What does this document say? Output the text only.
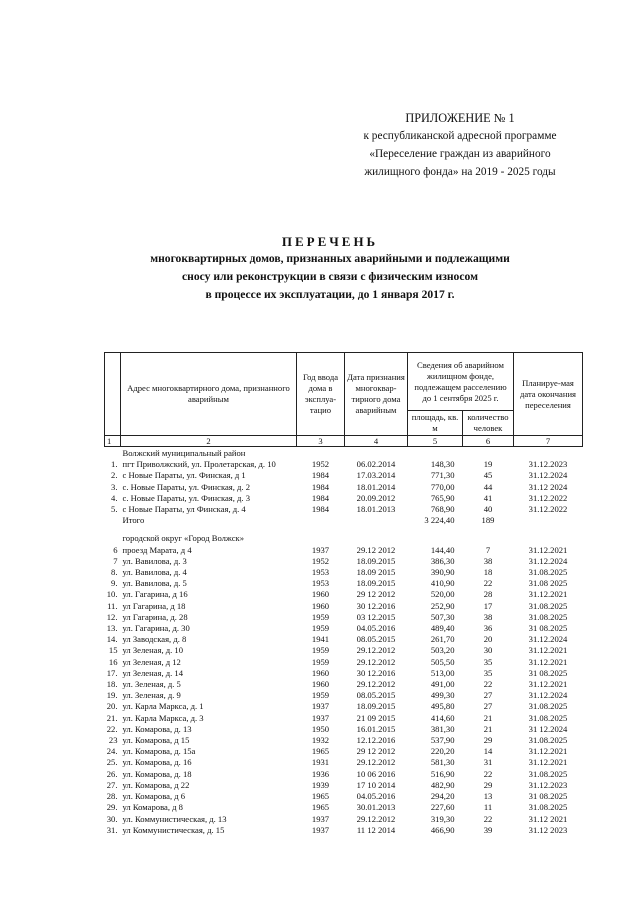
ПРИЛОЖЕНИЕ № 1
к республиканской адресной программе
«Переселение граждан из аварийного
жилищного фонда» на 2019 - 2025 годы
ПЕРЕЧЕНЬ
многоквартирных домов, признанных аварийными и подлежащими
сносу или реконструкции в связи с физическим износом
в процессе их эксплуатации, до 1 января 2017 г.
	Адрес многоквартирного дома, признанного аварийным	Год ввода дома в эксплуа-тацио	Дата признания многоквар-тирного дома аварийным	Сведения об аварийном жилищном фонде, подлежащем расселению до 1 сентября 2025 г.		Планируе-мая дата окончания переселения
				площадь, кв. м	количество человек	
1	2	3	4	5	6	7
	Волжский муниципальный район					
1.	пгт Приволжский, ул. Пролетарская, д. 10	1952	06.02.2014	148,30	19	31.12.2023
2.	с Новые Параты, ул. Финская, д 1	1984	17.03.2014	771,30	45	31.12.2024
3.	с. Новые Параты, ул. Финская, д. 2	1984	18.01.2014	770,00	44	31.12 2024
4.	с. Новые Параты, ул. Финская, д. 3	1984	20.09.2012	765,90	41	31.12.2022
5.	с Новые Параты, ул Финская, д. 4	1984	18.01.2013	768,90	40	31.12.2022
	Итого			3 224,40	189	

	городской округ «Город Волжск»					
6	проезд Марата, д 4	1937	29.12 2012	144,40	7	31.12.2021
7	ул. Вавилова, д. 3	1952	18.09.2015	386,30	38	31.12.2024
8.	ул. Вавилова, д. 4	1953	18.09 2015	390,90	18	31.08.2025
9.	ул. Вавилова, д. 5	1953	18.09.2015	410,90	22	31.08 2025
10.	ул. Гагарина, д 16	1960	29 12 2012	520,00	28	31.12.2021
11.	ул Гагарина, д 18	1960	30 12.2016	252,90	17	31.08.2025
12.	ул Гагарина, д. 28	1959	03 12.2015	507,30	38	31.08.2025
13.	ул. Гагарина, д. 30	1959	04.05.2016	489,40	36	31 08.2025
14.	ул Заводская, д. 8	1941	08.05.2015	261,70	20	31.12.2024
15	ул Зеленая, д. 10	1959	29.12.2012	503,20	30	31.12.2021
16	ул Зеленая, д 12	1959	29.12.2012	505,50	35	31.12.2021
17.	ул Зеленая, д. 14	1960	30 12.2016	513,00	35	31 08.2025
18.	ул. Зеленая, д. 5	1960	29.12.2012	491,00	22	31.12.2021
19.	ул. Зеленая, д. 9	1959	08.05.2015	499,30	27	31.12.2024
20.	ул. Карла Маркса, д. 1	1937	18.09.2015	495,80	27	31.08.2025
21.	ул. Карла Маркса, д. 3	1937	21 09 2015	414,60	21	31.08.2025
22.	ул. Комарова, д. 13	1950	16.01.2015	381,30	21	31 12.2024
23	ул. Комарова, д 15	1932	12.12.2016	537,90	29	31.08.2025
24.	ул. Комарова, д. 15а	1965	29 12 2012	220,20	14	31.12.2021
25.	ул. Комарова, д. 16	1931	29.12.2012	581,30	31	31.12.2021
26.	ул. Комарова, д. 18	1936	10 06 2016	516,90	22	31.08.2025
27.	ул. Комарова, д 22	1939	17 10 2014	482,90	29	31.12.2023
28.	ул. Комарова, д 6	1965	04.05.2016	294,20	13	31 08.2025
29.	ул Комарова, д 8	1965	30.01.2013	227,60	11	31.08.2025
30.	ул. Коммунистическая, д. 13	1937	29.12.2012	319,30	22	31.12 2021
31.	ул Коммунистическая, д. 15	1937	11 12 2014	466,90	39	31.12 2023
